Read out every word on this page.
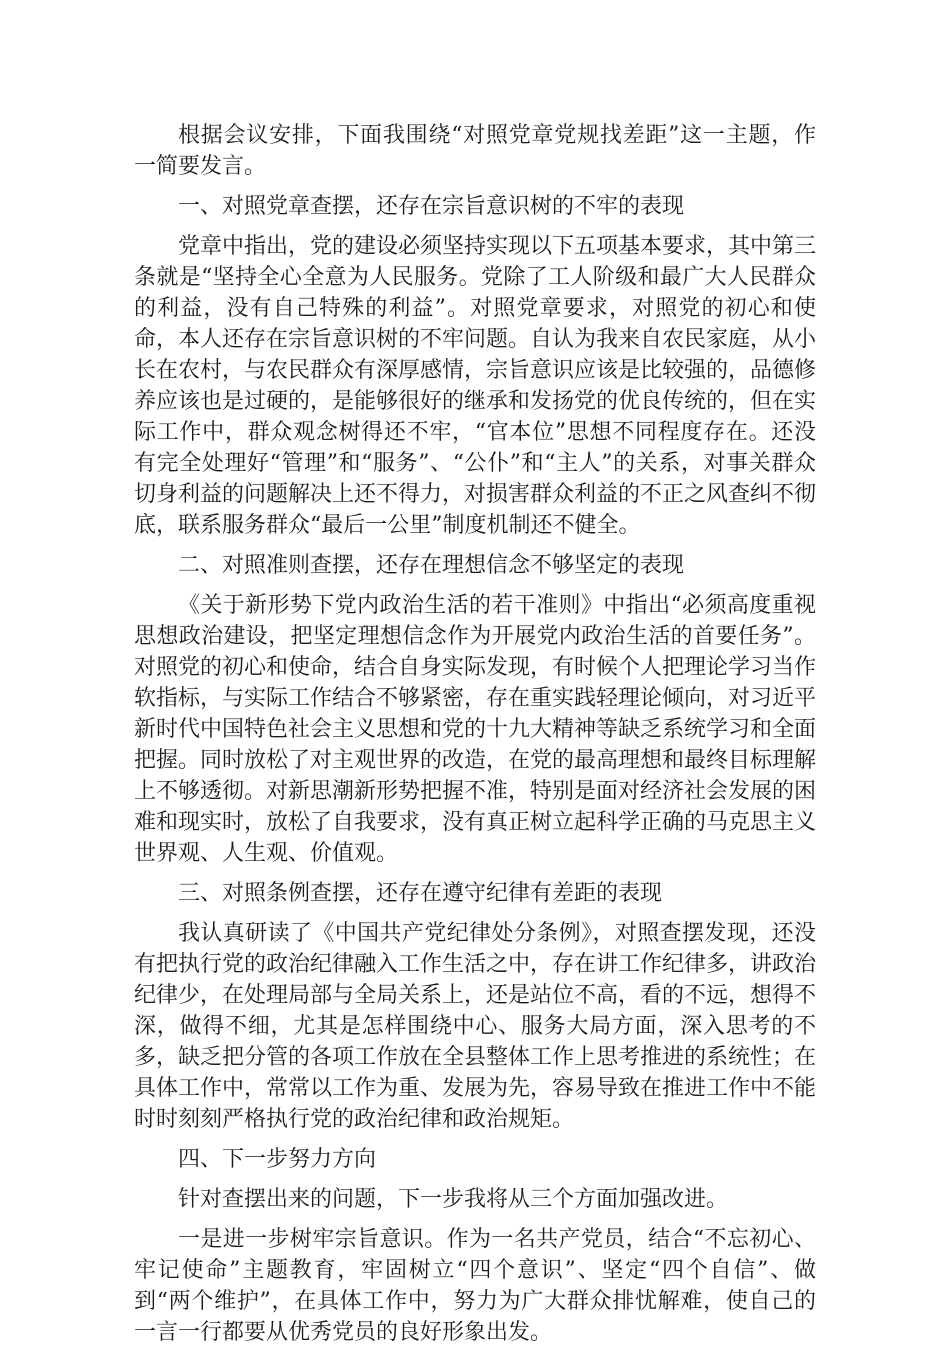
根据会议安排，下面我围绕“对照党章党规找差距”这一主题，作一简要发言。

一、对照党章查摆，还存在宗旨意识树的不牢的表现

党章中指出，党的建设必须坚持实现以下五项基本要求，其中第三条就是“坚持全心全意为人民服务。党除了工人阶级和最广大人民群众的利益，没有自己特殊的利益”。对照党章要求，对照党的初心和使命，本人还存在宗旨意识树的不牢问题。自认为我来自农民家庭，从小长在农村，与农民群众有深厚感情，宗旨意识应该是比较强的，品德修养应该也是过硬的，是能够很好的继承和发扬党的优良传统的，但在实际工作中，群众观念树得还不牢，“官本位”思想不同程度存在。还没有完全处理好“管理”和“服务”、“公仆”和“主人”的关系，对事关群众切身利益的问题解决上还不得力，对损害群众利益的不正之风查纠不彻底，联系服务群众“最后一公里”制度机制还不健全。

二、对照准则查摆，还存在理想信念不够坚定的表现

《关于新形势下党内政治生活的若干准则》中指出“必须高度重视思想政治建设，把坚定理想信念作为开展党内政治生活的首要任务”。对照党的初心和使命，结合自身实际发现，有时候个人把理论学习当作软指标，与实际工作结合不够紧密，存在重实践轻理论倾向，对习近平新时代中国特色社会主义思想和党的十九大精神等缺乏系统学习和全面把握。同时放松了对主观世界的改造，在党的最高理想和最终目标理解上不够透彻。对新思潮新形势把握不准，特别是面对经济社会发展的困难和现实时，放松了自我要求，没有真正树立起科学正确的马克思主义世界观、人生观、价值观。

三、对照条例查摆，还存在遵守纪律有差距的表现

我认真研读了《中国共产党纪律处分条例》，对照查摆发现，还没有把执行党的政治纪律融入工作生活之中，存在讲工作纪律多，讲政治纪律少，在处理局部与全局关系上，还是站位不高，看的不远，想得不深，做得不细，尤其是怎样围绕中心、服务大局方面，深入思考的不多，缺乏把分管的各项工作放在全县整体工作上思考推进的系统性；在具体工作中，常常以工作为重、发展为先，容易导致在推进工作中不能时时刻刻严格执行党的政治纪律和政治规矩。

四、下一步努力方向

针对查摆出来的问题，下一步我将从三个方面加强改进。

一是进一步树牢宗旨意识。作为一名共产党员，结合“不忘初心、牢记使命”主题教育，牢固树立“四个意识”、坚定“四个自信”、做到“两个维护”，在具体工作中，努力为广大群众排忧解难，使自己的一言一行都要从优秀党员的良好形象出发。
